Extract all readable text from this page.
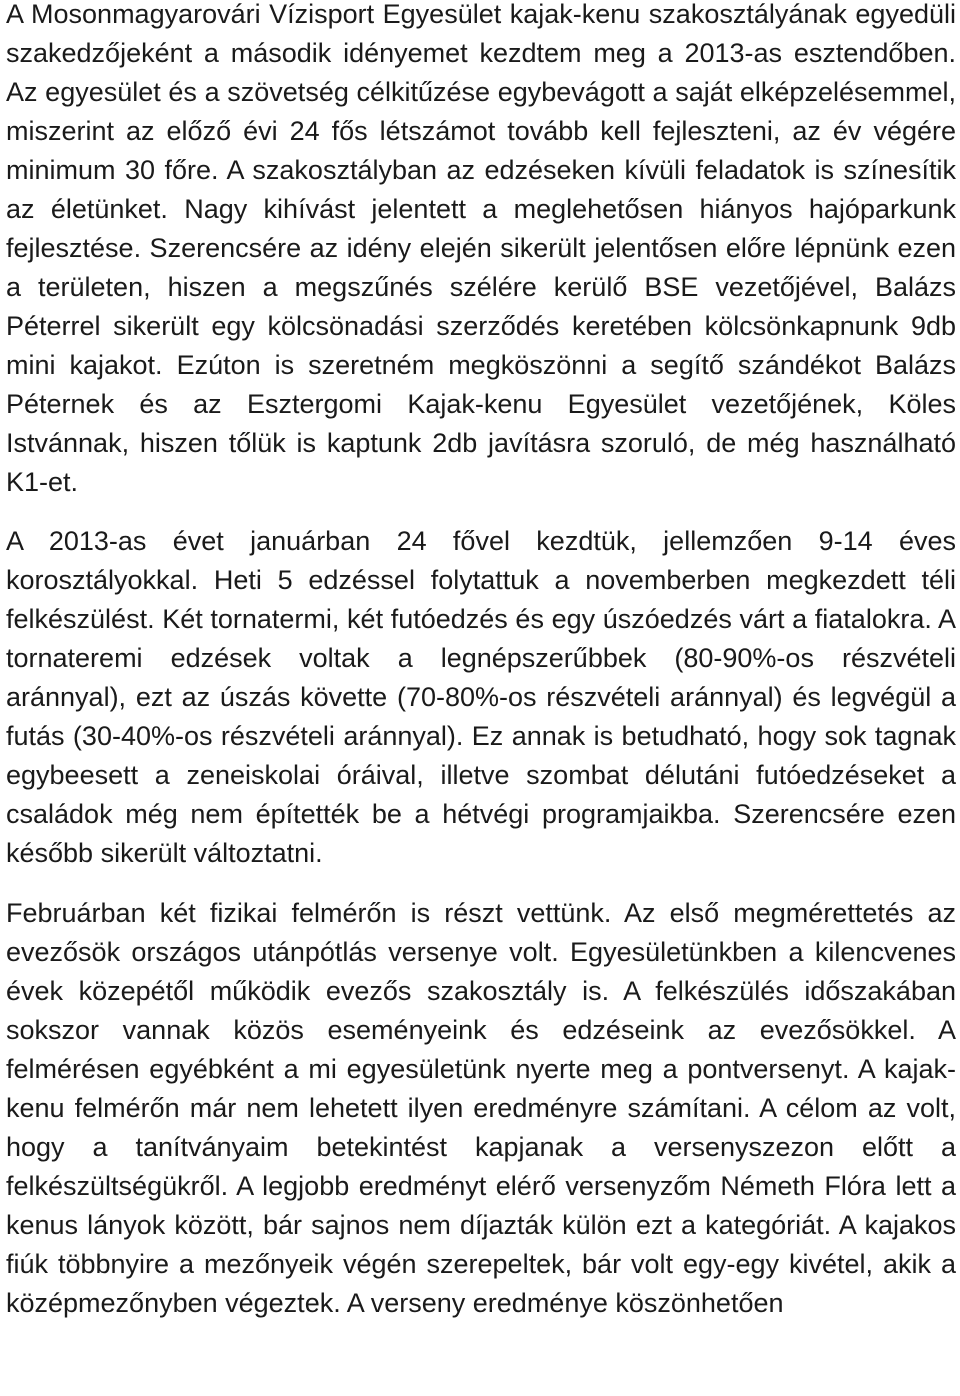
A Mosonmagyarovári Vízisport Egyesület kajak-kenu szakosztályának egyedüli szakedzőjeként a második idényemet kezdtem meg a 2013-as esztendőben. Az egyesület és a szövetség célkitűzése egybevágott a saját elképzelésemmel, miszerint az előző évi 24 fős létszámot tovább kell fejleszteni, az év végére minimum 30 főre. A szakosztályban az edzéseken kívüli feladatok is színesítik az életünket. Nagy kihívást jelentett a meglehetősen hiányos hajóparkunk fejlesztése. Szerencsére az idény elején sikerült jelentősen előre lépnünk ezen a területen, hiszen a megszűnés szélére kerülő BSE vezetőjével, Balázs Péterrel sikerült egy kölcsönadási szerződés keretében kölcsönkapnunk 9db mini kajakot. Ezúton is szeretném megköszönni a segítő szándékot Balázs Péternek és az Esztergomi Kajak-kenu Egyesület vezetőjének, Köles Istvánnak, hiszen tőlük is kaptunk 2db javításra szoruló, de még használható K1-et.

A 2013-as évet januárban 24 fővel kezdtük, jellemzően 9-14 éves korosztályokkal. Heti 5 edzéssel folytattuk a novemberben megkezdett téli felkészülést. Két tornatermi, két futóedzés és egy úszóedzés várt a fiatalokra. A tornateremi edzések voltak a legnépszerűbbek (80-90%-os részvételi aránnyal), ezt az úszás követte (70-80%-os részvételi aránnyal) és legvégül a futás (30-40%-os részvételi aránnyal). Ez annak is betudható, hogy sok tagnak egybeesett a zeneiskolai óráival, illetve szombat délutáni futóedzéseket a családok még nem építették be a hétvégi programjaikba. Szerencsére ezen később sikerült változtatni.

Februárban két fizikai felmérőn is részt vettünk. Az első megmérettetés az evezősök országos utánpótlás versenye volt. Egyesületünkben a kilencvenes évek közepétől működik evezős szakosztály is. A felkészülés időszakában sokszor vannak közös eseményeink és edzéseink az evezősökkel. A felmérésen egyébként a mi egyesületünk nyerte meg a pontversenyt. A kajak-kenu felmérőn már nem lehetett ilyen eredményre számítani. A célom az volt, hogy a tanítványaim betekintést kapjanak a versenyszezon előtt a felkészültségükről. A legjobb eredményt elérő versenyzőm Németh Flóra lett a kenus lányok között, bár sajnos nem díjazták külön ezt a kategóriát. A kajakos fiúk többnyire a mezőnyeik végén szerepeltek, bár volt egy-egy kivétel, akik a középmezőnyben végeztek. A verseny eredménye köszönhetően
